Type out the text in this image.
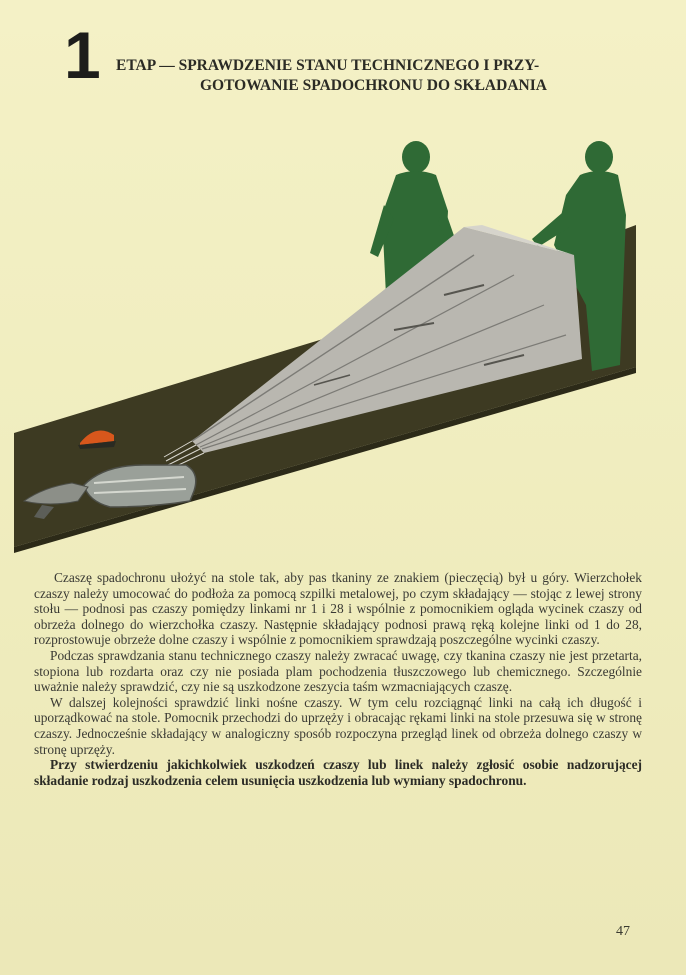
1 ETAP — SPRAWDZENIE STANU TECHNICZNEGO I PRZY-
GOTOWANIE SPADOCHRONU DO SKŁADANIA

Czaszę spadochronu ułożyć na stole tak, aby pas tkaniny ze znakiem (pieczęcią) był u góry. Wierzchołek czaszy należy umocować do podłoża za pomocą szpilki metalowej, po czym składający — stojąc z lewej strony stołu — podnosi pas czaszy pomiędzy linkami nr 1 i 28 i wspólnie z pomocnikiem ogląda wycinek czaszy od obrzeża dolnego do wierzchołka czaszy. Następnie składający podnosi prawą ręką kolejne linki od 1 do 28, rozprostowuje obrzeże dolne czaszy i wspólnie z pomocnikiem sprawdzają poszczególne wycinki czaszy.

Podczas sprawdzania stanu technicznego czaszy należy zwracać uwagę, czy tkanina czaszy nie jest przetarta, stopiona lub rozdarta oraz czy nie posiada plam pochodzenia tłuszczowego lub chemicznego. Szczególnie uważnie należy sprawdzić, czy nie są uszkodzone zeszycia taśm wzmacniających czaszę.

W dalszej kolejności sprawdzić linki nośne czaszy. W tym celu rozciągnąć linki na całą ich długość i uporządkować na stole. Pomocnik przechodzi do uprzęży i obracając rękami linki na stole przesuwa się w stronę czaszy. Jednocześnie składający w analogiczny sposób rozpoczyna przegląd linek od obrzeża dolnego czaszy w stronę uprzęży.

Przy stwierdzeniu jakichkolwiek uszkodzeń czaszy lub linek należy zgłosić osobie nadzorującej składanie rodzaj uszkodzenia celem usunięcia uszkodzenia lub wymiany spadochronu.

47
